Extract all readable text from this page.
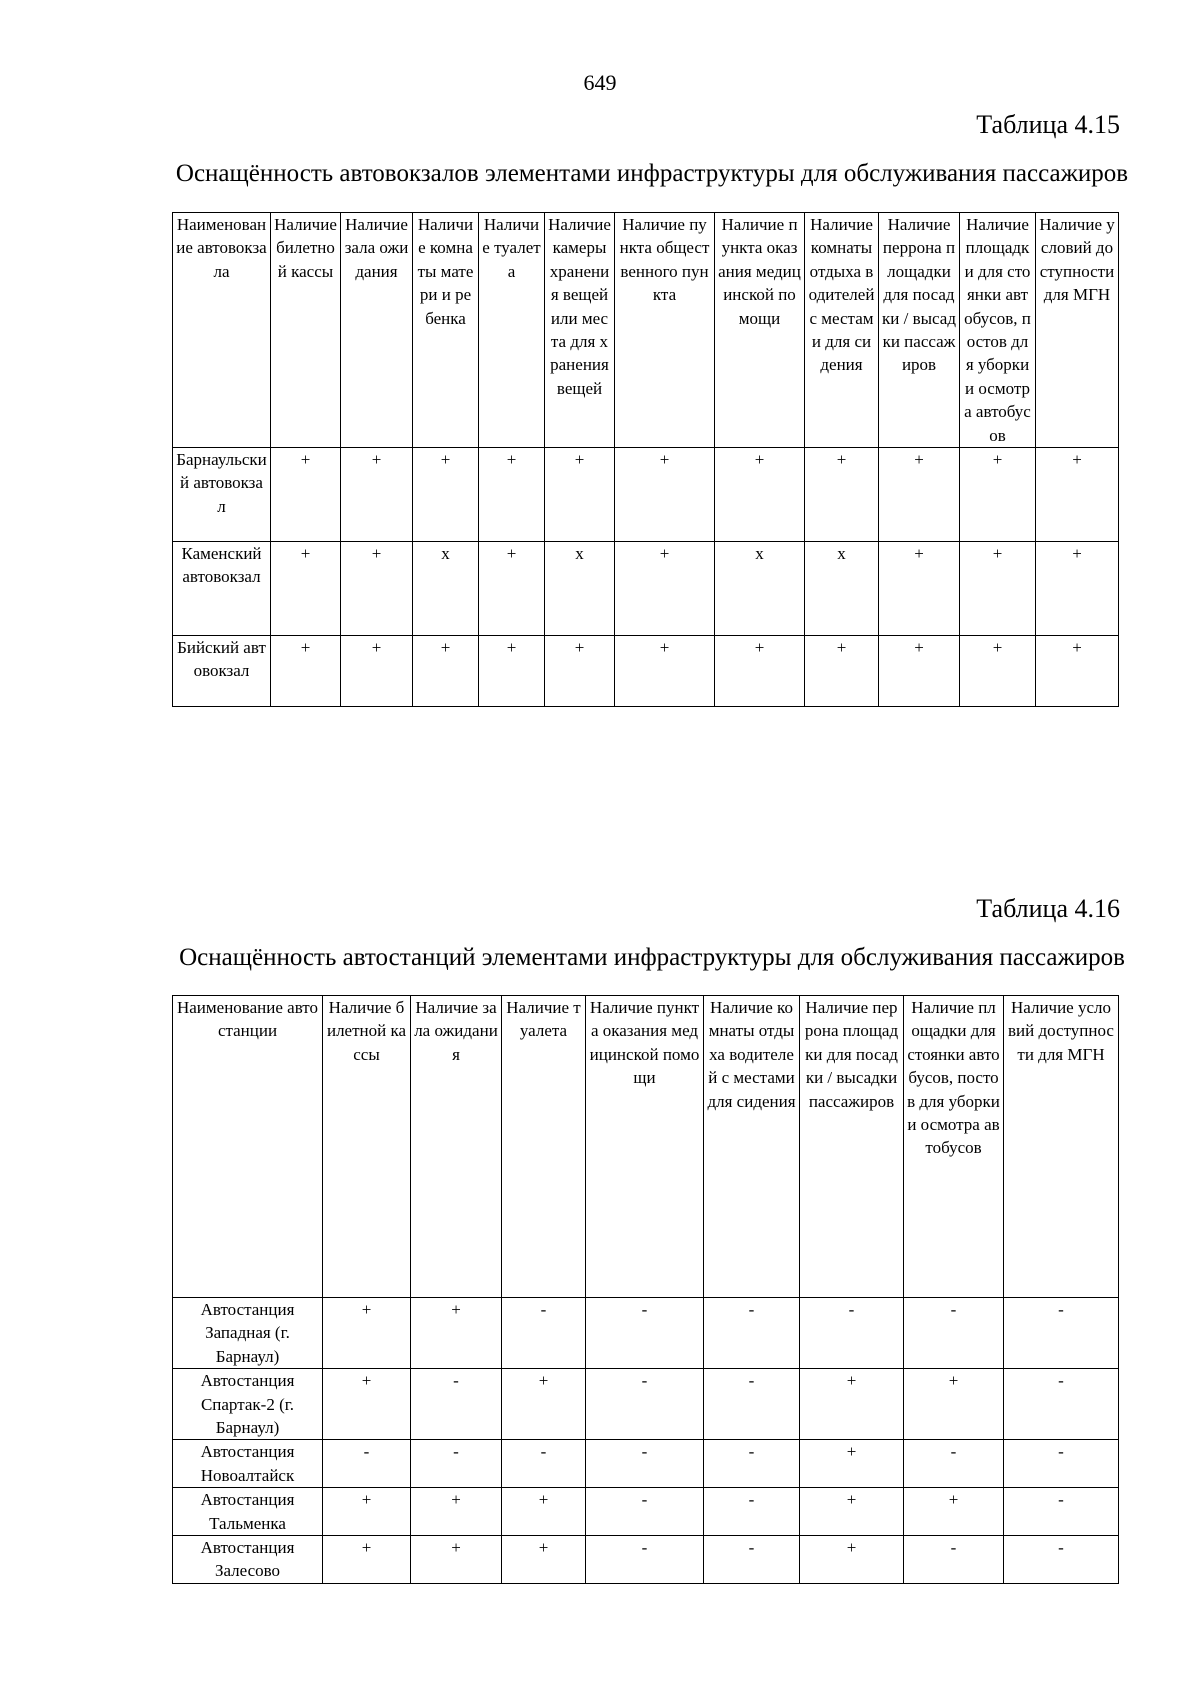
649
Таблица 4.15
Оснащённость автовокзалов элементами инфраструктуры для обслуживания пассажиров
Наименование автовокзала	Наличие билетной кассы	Наличие зала ожидания	Наличие комнаты матери и ребенка	Наличие туалета	Наличие камеры хранения вещей или места для хранения вещей	Наличие пункта общественного пункта	Наличие пункта оказания медицинской помощи	Наличие комнаты отдыха водителей с местами для сидения	Наличие перрона площадки для посадки / высадки пассажиров	Наличие площадки для стоянки автобусов, постов для уборки и осмотра автобусов	Наличие условий доступности для МГН
Барнаульский автовокзал	+	+	+	+	+	+	+	+	+	+	+
Каменский автовокзал	+	+	x	+	x	+	x	x	+	+	+
Бийский автовокзал	+	+	+	+	+	+	+	+	+	+	+
Таблица 4.16
Оснащённость автостанций элементами инфраструктуры для обслуживания пассажиров
Наименование автостанции	Наличие билетной кассы	Наличие зала ожидания	Наличие туалета	Наличие пункта оказания медицинской помощи	Наличие комнаты отдыха водителей с местами для сидения	Наличие перрона площадки для посадки / высадки пассажиров	Наличие площадки для стоянки автобусов, постов для уборки и осмотра автобусов	Наличие условий доступности для МГН
Автостанция Западная (г. Барнаул)	+	+	-	-	-	-	-	-
Автостанция Спартак-2 (г. Барнаул)	+	-	+	-	-	+	+	-
Автостанция Новоалтайск	-	-	-	-	-	+	-	-
Автостанция Тальменка	+	+	+	-	-	+	+	-
Автостанция Залесово	+	+	+	-	-	+	-	-
